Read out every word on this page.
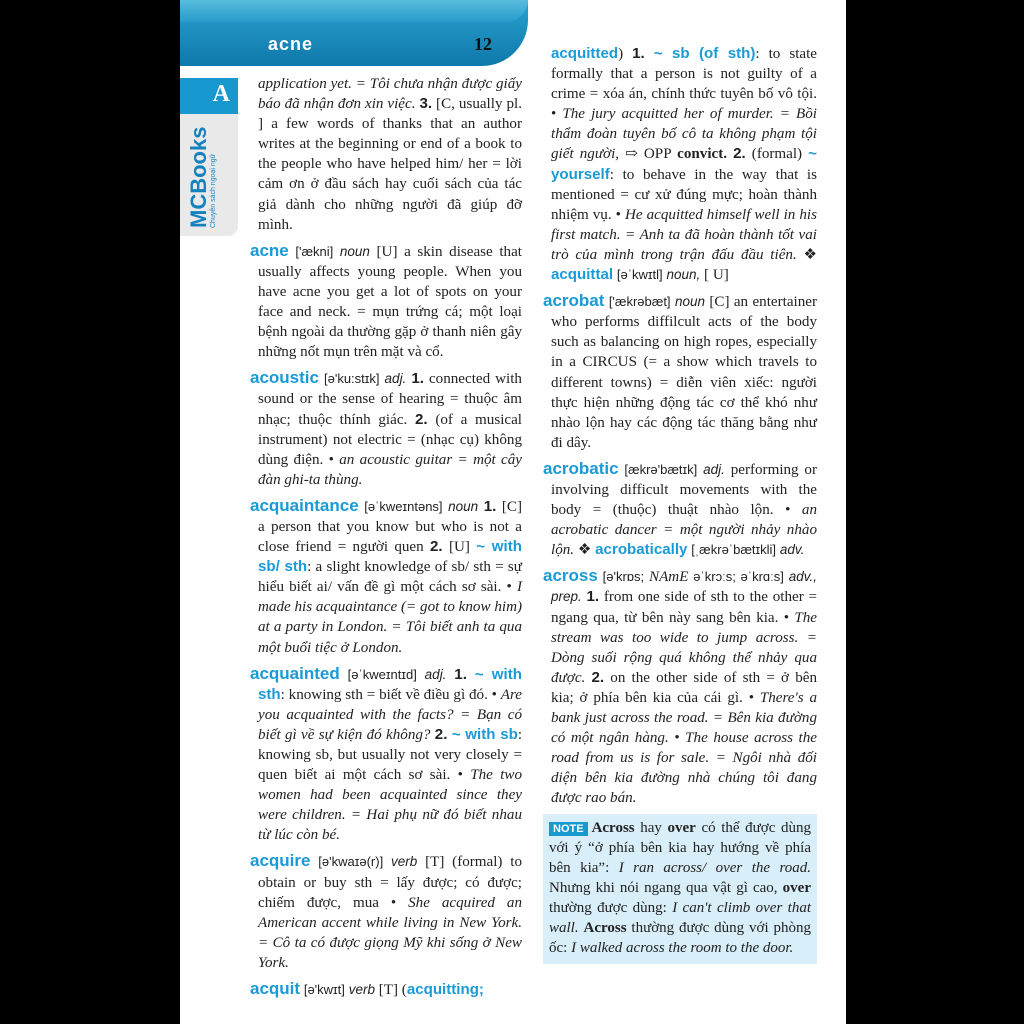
acne	12
A
MCBooks Chuyên sách ngoại ngữ

application yet. = Tôi chưa nhận được giấy báo đã nhận đơn xin việc. 3. [C, usually pl. ] a few words of thanks that an author writes at the beginning or end of a book to the people who have helped him/ her = lời cảm ơn ở đầu sách hay cuối sách của tác giả dành cho những người đã giúp đỡ mình.

acne ['ækni] noun [U] a skin disease that usually affects young people. When you have acne you get a lot of spots on your face and neck. = mụn trứng cá; một loại bệnh ngoài da thường gặp ở thanh niên gây những nốt mụn trên mặt và cổ.

acoustic [ə'ku:stɪk] adj. 1. connected with sound or the sense of hearing = thuộc âm nhạc; thuộc thính giác. 2. (of a musical instrument) not electric = (nhạc cụ) không dùng điện. • an acoustic guitar = một cây đàn ghi-ta thùng.

acquaintance [əˈkweɪntəns] noun 1. [C] a person that you know but who is not a close friend = người quen 2. [U] ~ with sb/ sth: a slight knowledge of sb/ sth = sự hiểu biết ai/ vấn đề gì một cách sơ sài. • I made his acquaintance (= got to know him) at a party in London. = Tôi biết anh ta qua một buổi tiệc ở London.

acquainted [əˈkweɪntɪd] adj. 1. ~ with sth: knowing sth = biết về điều gì đó. • Are you acquainted with the facts? = Bạn có biết gì về sự kiện đó không? 2. ~ with sb: knowing sb, but usually not very closely = quen biết ai một cách sơ sài. • The two women had been acquainted since they were children. = Hai phụ nữ đó biết nhau từ lúc còn bé.

acquire [ə'kwaɪə(r)] verb [T] (formal) to obtain or buy sth = lấy được; có được; chiếm được, mua • She acquired an American accent while living in New York. = Cô ta có được giọng Mỹ khi sống ở New York.

acquit [ə'kwɪt] verb [T] (acquitting;

acquitted) 1. ~ sb (of sth): to state formally that a person is not guilty of a crime = xóa án, chính thức tuyên bố vô tội. • The jury acquitted her of murder. = Bồi thẩm đoàn tuyên bố cô ta không phạm tội giết người, ⇨ OPP convict. 2. (formal) ~ yourself: to behave in the way that is mentioned = cư xử đúng mực; hoàn thành nhiệm vụ. • He acquitted himself well in his first match. = Anh ta đã hoàn thành tốt vai trò của mình trong trận đấu đầu tiên. ❖ acquittal [əˈkwɪtl] noun, [ U]

acrobat ['ækrəbæt] noun [C] an entertainer who performs diffilcult acts of the body such as balancing on high ropes, especially in a CIRCUS (= a show which travels to different towns) = diễn viên xiếc: người thực hiện những động tác cơ thể khó như nhào lộn hay các động tác thăng bằng như đi dây.

acrobatic [ækrə'bætɪk] adj. performing or involving difficult movements with the body = (thuộc) thuật nhào lộn. • an acrobatic dancer = một người nhảy nhào lộn. ❖ acrobatically [ˌækrəˈbætɪkli] adv.

across [ə'krɒs; NAmE əˈkrɔːs; əˈkrɑːs] adv., prep. 1. from one side of sth to the other = ngang qua, từ bên này sang bên kia. • The stream was too wide to jump across. = Dòng suối rộng quá không thể nhảy qua được. 2. on the other side of sth = ở bên kia; ở phía bên kia của cái gì. • There's a bank just across the road. = Bên kia đường có một ngân hàng. • The house across the road from us is for sale. = Ngôi nhà đối diện bên kia đường nhà chúng tôi đang được rao bán.

NOTE Across hay over có thể được dùng với ý “ở phía bên kia hay hướng về phía bên kia”: I ran across/ over the road. Nhưng khi nói ngang qua vật gì cao, over thường được dùng: I can't climb over that wall. Across thường được dùng với phòng ốc: I walked across the room to the door.
